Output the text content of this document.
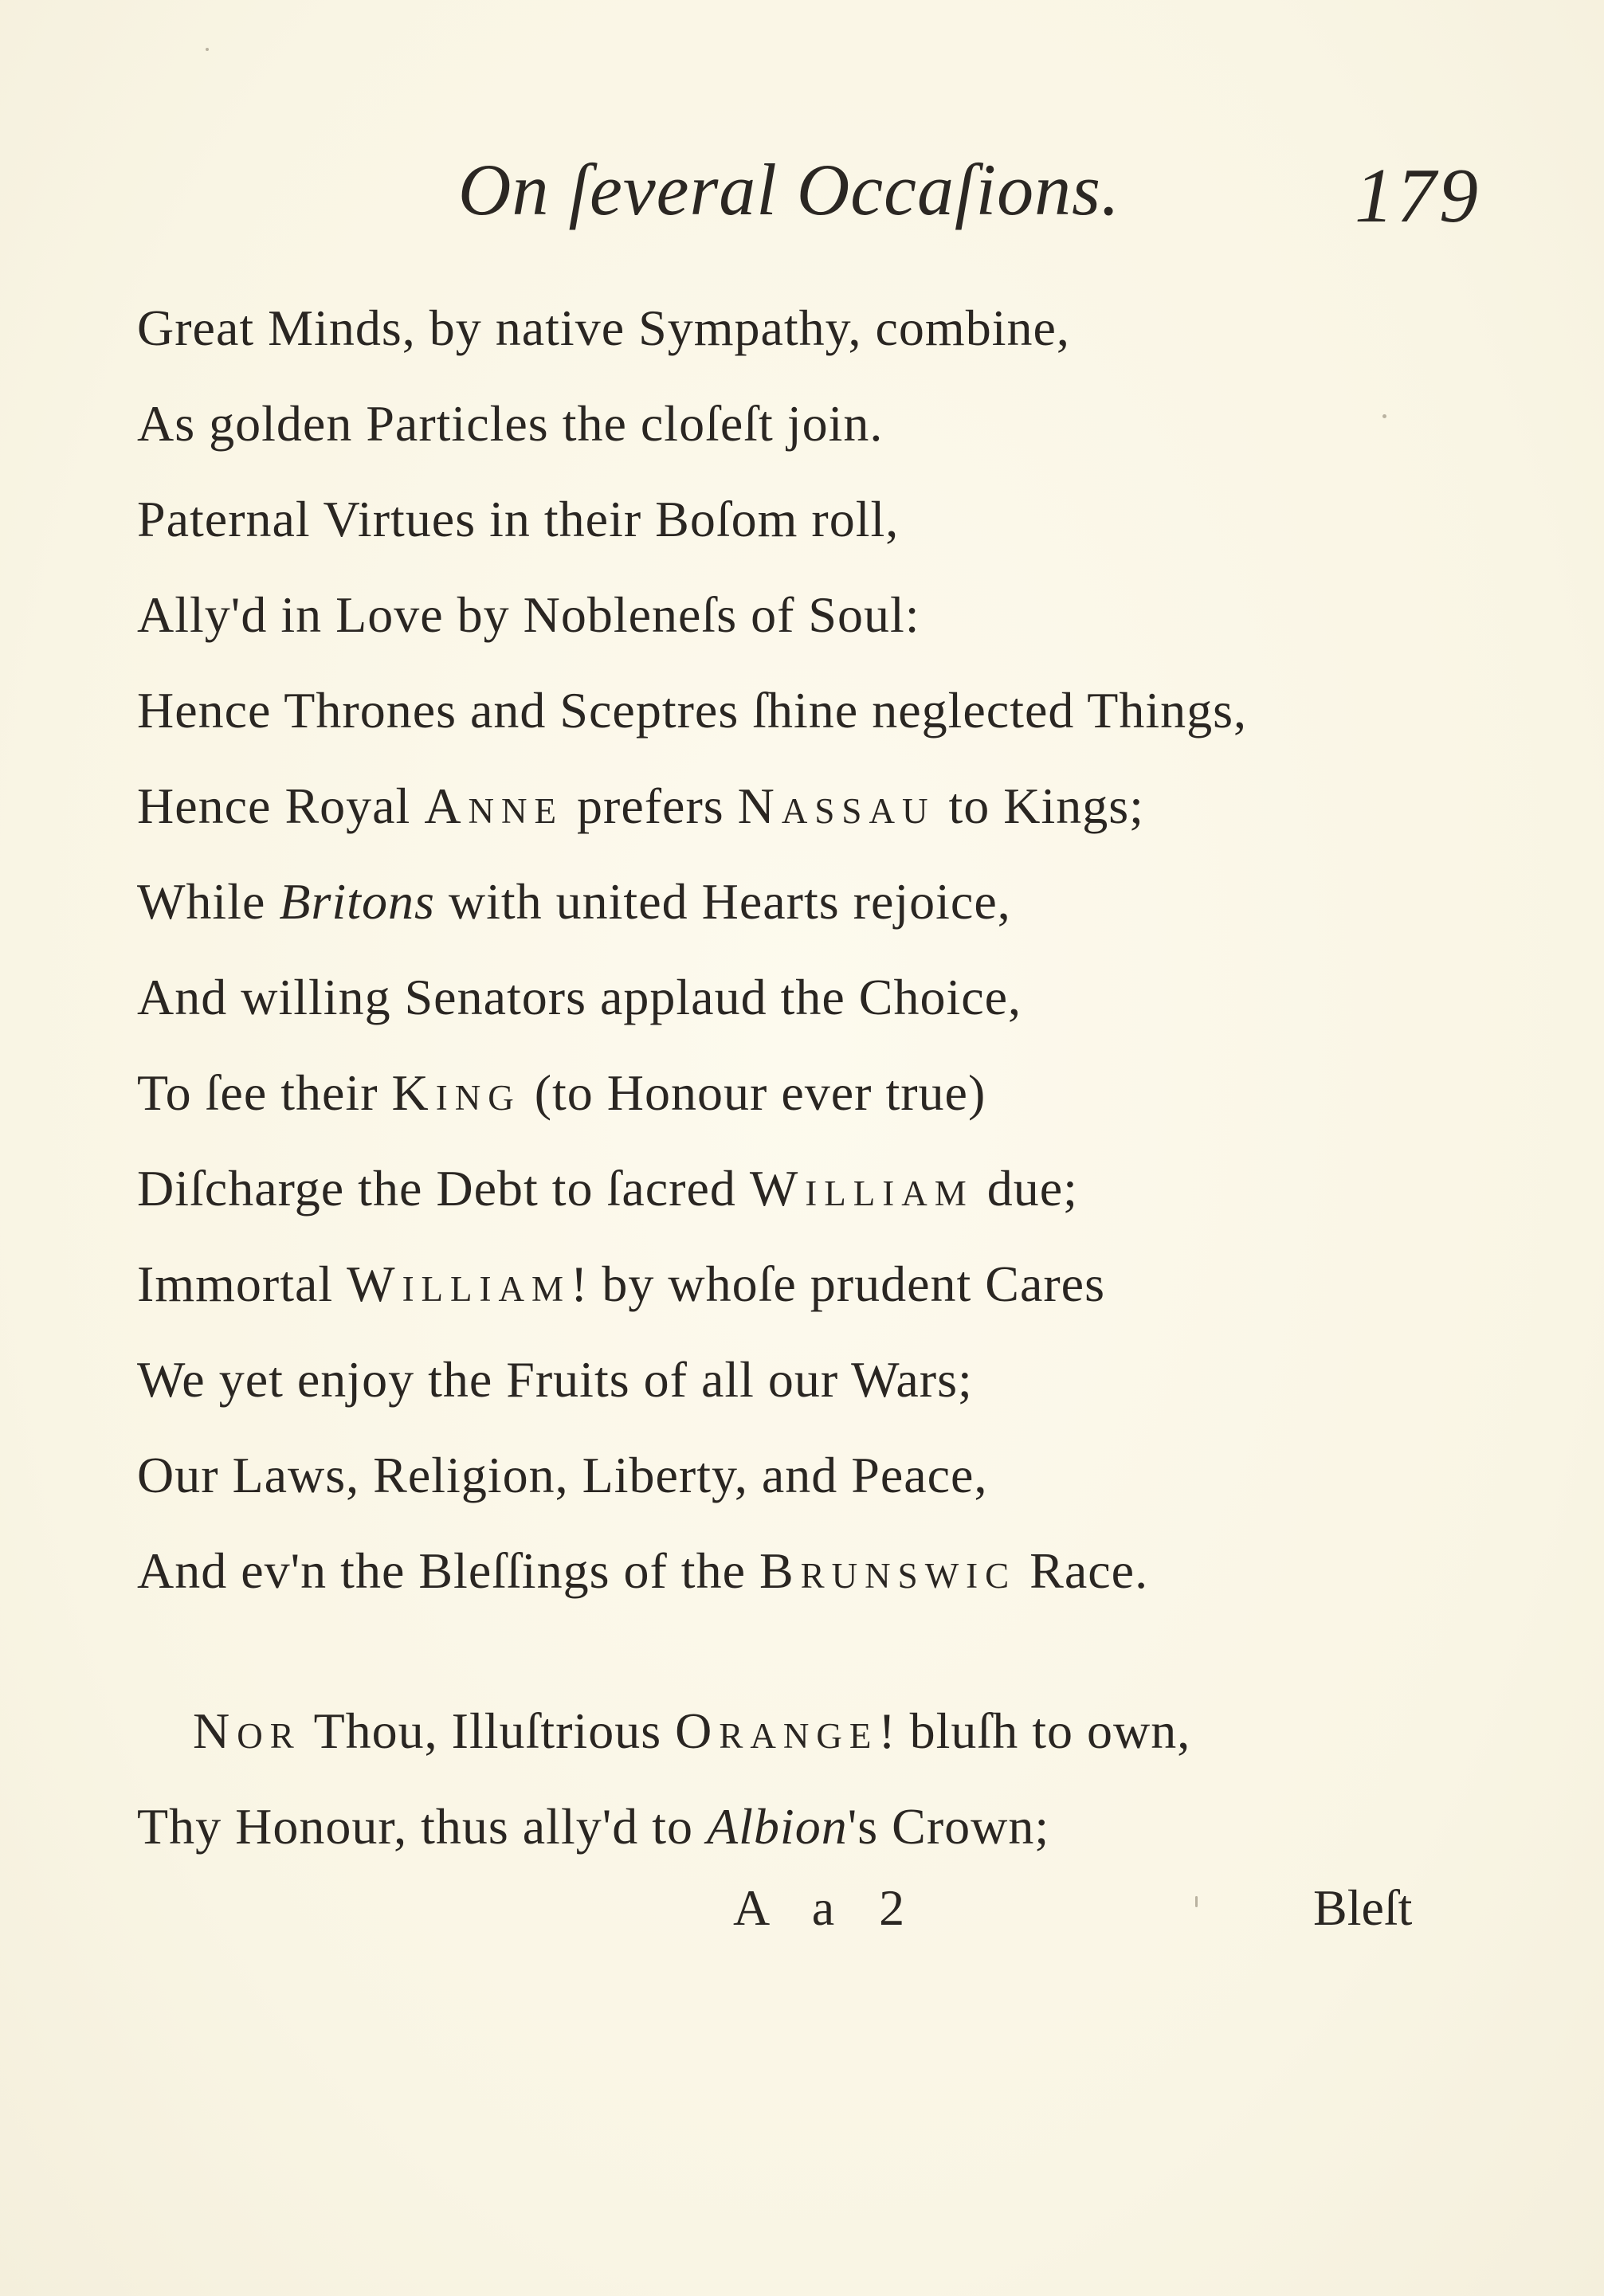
On ſeveral Occaſions.	179
Great Minds, by native Sympathy, combine,
As golden Particles the cloſeſt join.
Paternal Virtues in their Boſom roll,
Ally'd in Love by Nobleneſs of Soul:
Hence Thrones and Sceptres ſhine neglected Things,
Hence Royal Anne prefers Nassau to Kings;
While Britons with united Hearts rejoice,
And willing Senators applaud the Choice,
To ſee their King (to Honour ever true)
Diſcharge the Debt to ſacred William due;
Immortal William! by whoſe prudent Cares
We yet enjoy the Fruits of all our Wars;
Our Laws, Religion, Liberty, and Peace,
And ev'n the Bleſſings of the Brunswic Race.
Nor Thou, Illuſtrious Orange! bluſh to own,
Thy Honour, thus ally'd to Albion's Crown;
A a 2	Bleſt
